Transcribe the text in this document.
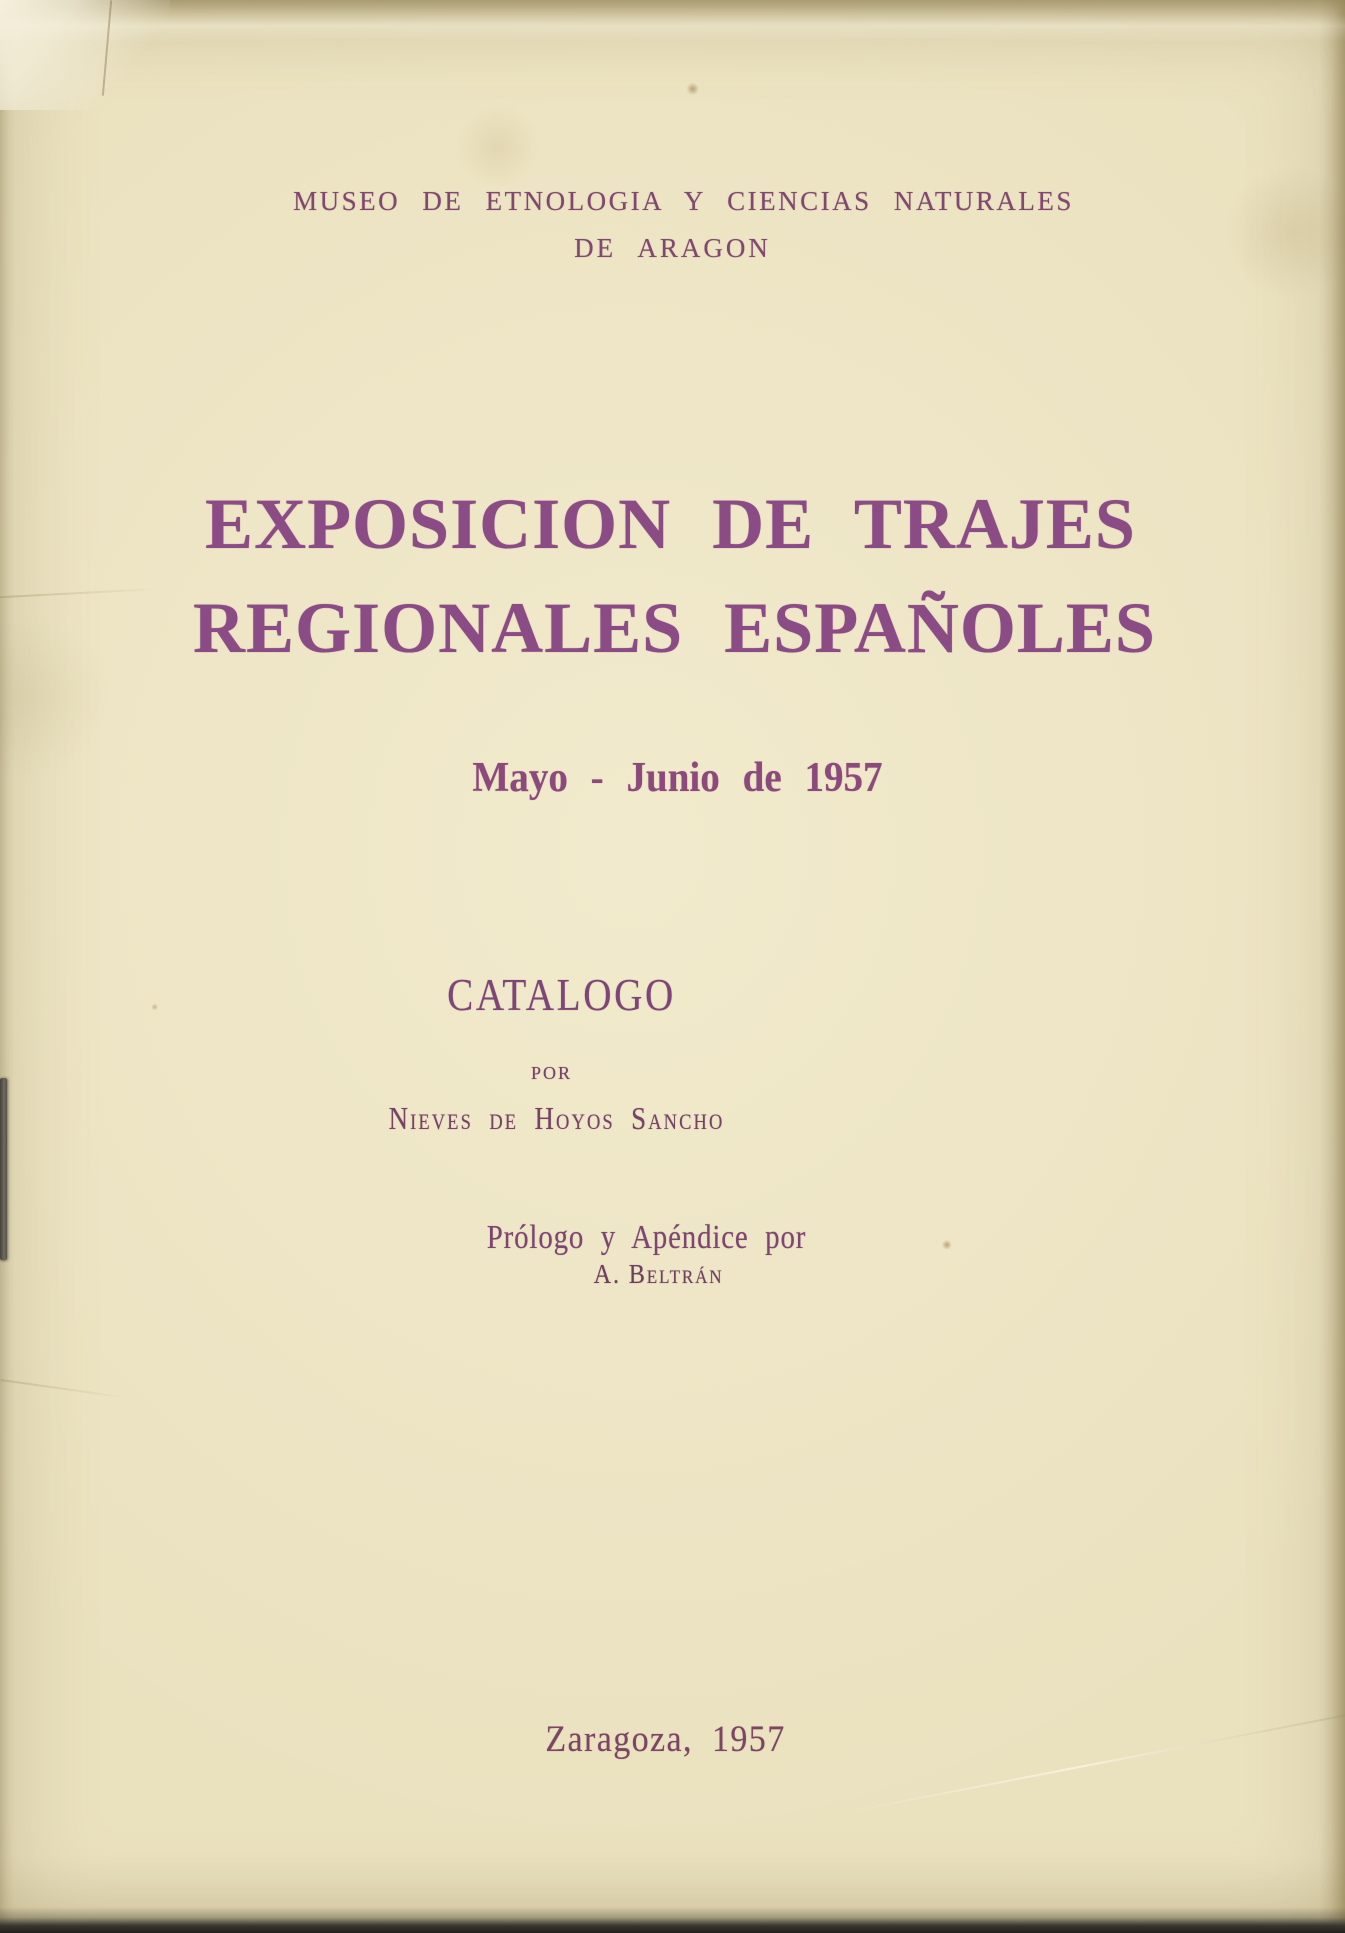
MUSEO DE ETNOLOGIA Y CIENCIAS NATURALES
DE ARAGON
EXPOSICION DE TRAJES
REGIONALES ESPAÑOLES
Mayo - Junio de 1957
CATALOGO
por
Nieves de Hoyos Sancho
Prólogo y Apéndice por
A. Beltrán
Zaragoza, 1957
